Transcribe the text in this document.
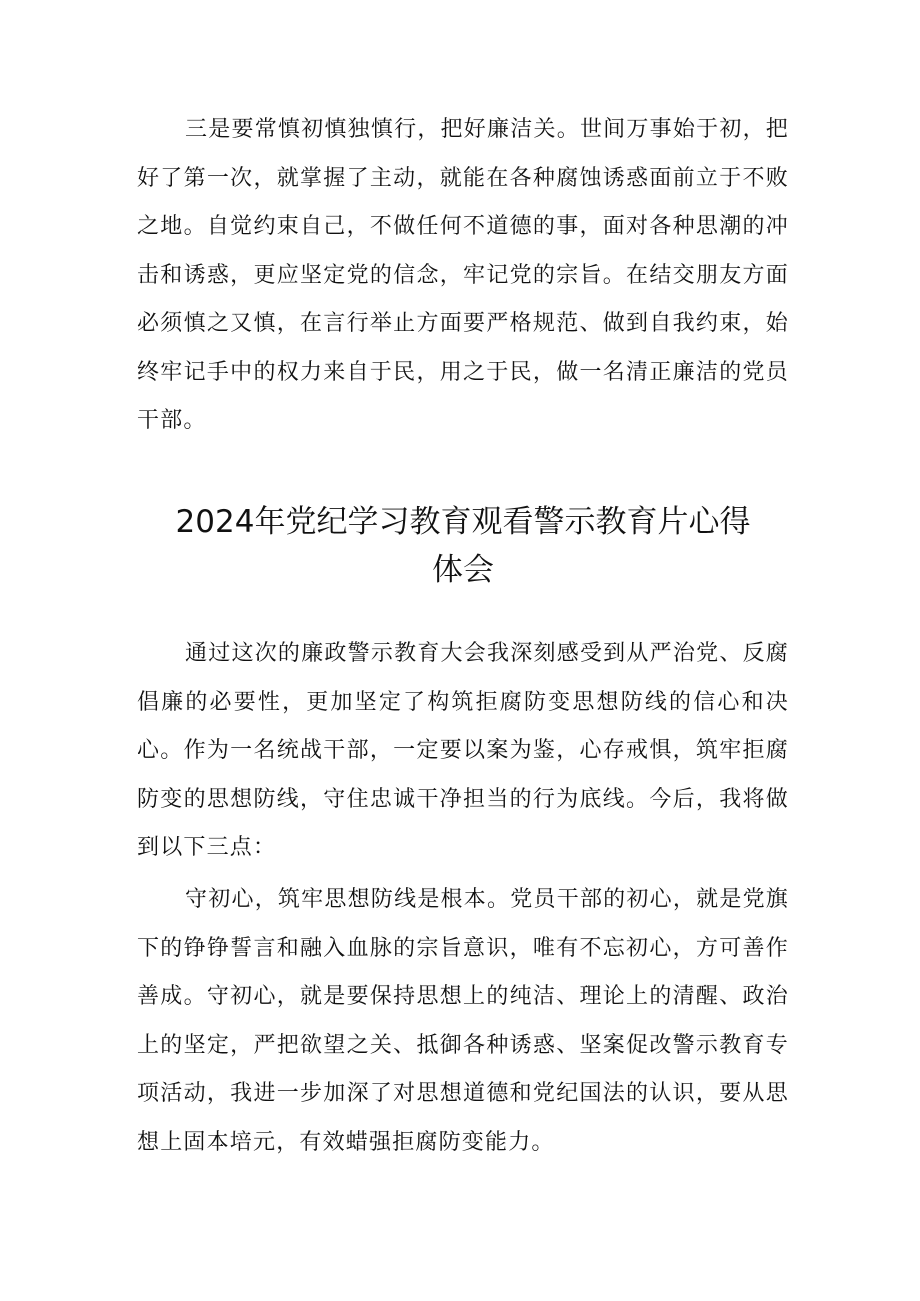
三是要常慎初慎独慎行，把好廉洁关。世间万事始于初，把好了第一次，就掌握了主动，就能在各种腐蚀诱惑面前立于不败之地。自觉约束自己，不做任何不道德的事，面对各种思潮的冲击和诱惑，更应坚定党的信念，牢记党的宗旨。在结交朋友方面必须慎之又慎，在言行举止方面要严格规范、做到自我约束，始终牢记手中的权力来自于民，用之于民，做一名清正廉洁的党员干部。

2024年党纪学习教育观看警示教育片心得
体会

通过这次的廉政警示教育大会我深刻感受到从严治党、反腐倡廉的必要性，更加坚定了构筑拒腐防变思想防线的信心和决心。作为一名统战干部，一定要以案为鉴，心存戒惧，筑牢拒腐防变的思想防线，守住忠诚干净担当的行为底线。今后，我将做到以下三点：

守初心，筑牢思想防线是根本。党员干部的初心，就是党旗下的铮铮誓言和融入血脉的宗旨意识，唯有不忘初心，方可善作善成。守初心，就是要保持思想上的纯洁、理论上的清醒、政治上的坚定，严把欲望之关、抵御各种诱惑、坚案促改警示教育专项活动，我进一步加深了对思想道德和党纪国法的认识，要从思想上固本培元，有效蜡强拒腐防变能力。
